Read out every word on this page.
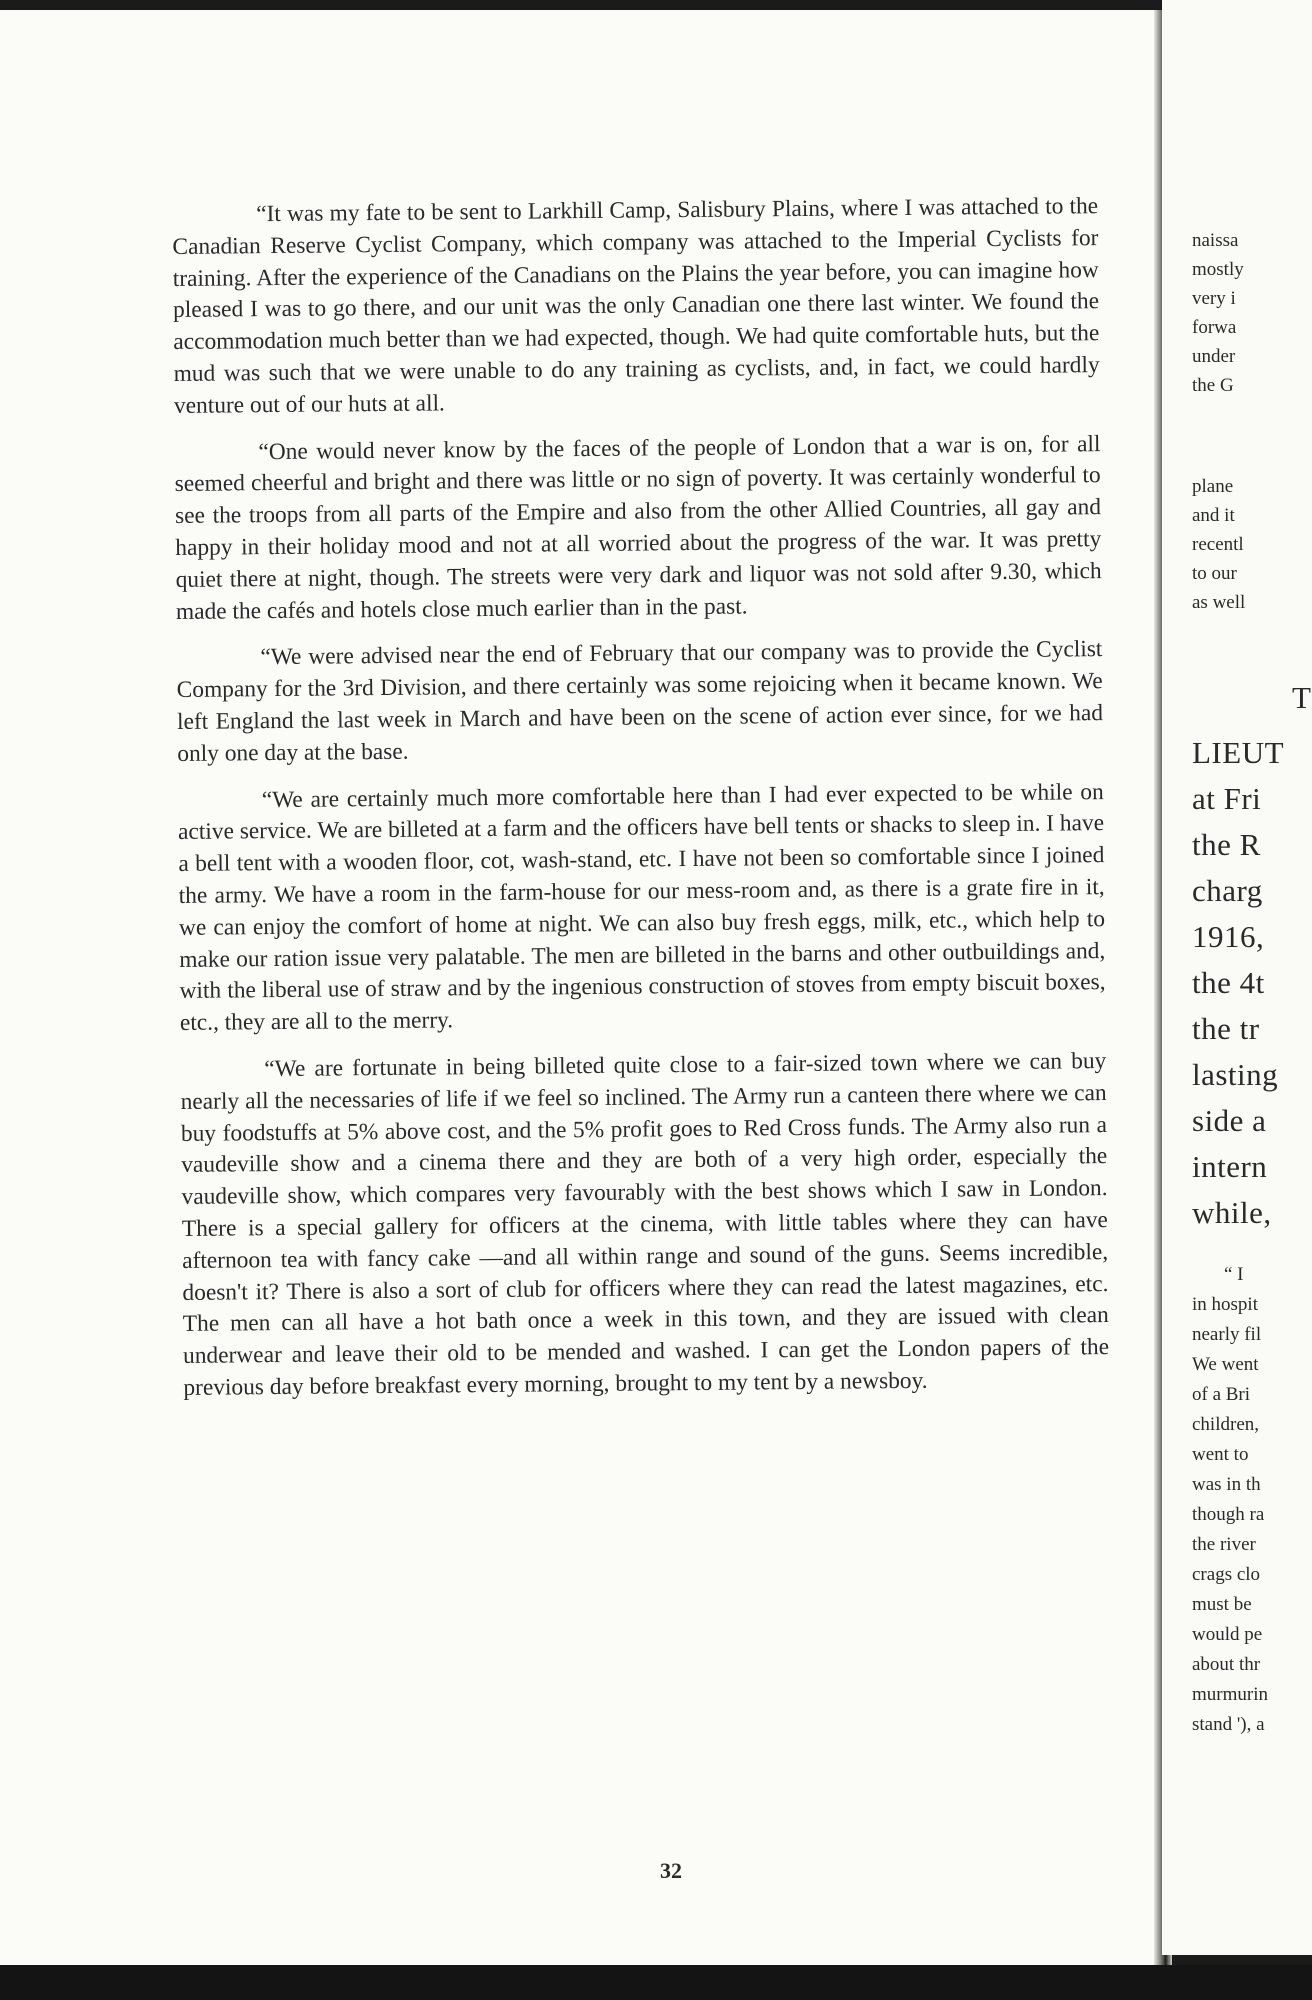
“It was my fate to be sent to Larkhill Camp, Salisbury Plains, where I was attached to the Canadian Reserve Cyclist Company, which company was attached to the Imperial Cyclists for training. After the experience of the Canadians on the Plains the year before, you can imagine how pleased I was to go there, and our unit was the only Canadian one there last winter. We found the accommodation much better than we had expected, though. We had quite comfortable huts, but the mud was such that we were unable to do any training as cyclists, and, in fact, we could hardly venture out of our huts at all.

“One would never know by the faces of the people of London that a war is on, for all seemed cheerful and bright and there was little or no sign of poverty. It was certainly wonderful to see the troops from all parts of the Empire and also from the other Allied Countries, all gay and happy in their holiday mood and not at all worried about the progress of the war. It was pretty quiet there at night, though. The streets were very dark and liquor was not sold after 9.30, which made the cafés and hotels close much earlier than in the past.

“We were advised near the end of February that our company was to provide the Cyclist Company for the 3rd Division, and there certainly was some rejoicing when it became known. We left England the last week in March and have been on the scene of action ever since, for we had only one day at the base.

“We are certainly much more comfortable here than I had ever expected to be while on active service. We are billeted at a farm and the officers have bell tents or shacks to sleep in. I have a bell tent with a wooden floor, cot, wash-stand, etc. I have not been so comfortable since I joined the army. We have a room in the farm-house for our mess-room and, as there is a grate fire in it, we can enjoy the comfort of home at night. We can also buy fresh eggs, milk, etc., which help to make our ration issue very palatable. The men are billeted in the barns and other outbuildings and, with the liberal use of straw and by the ingenious construction of stoves from empty biscuit boxes, etc., they are all to the merry.

“We are fortunate in being billeted quite close to a fair-sized town where we can buy nearly all the necessaries of life if we feel so inclined. The Army run a canteen there where we can buy foodstuffs at 5% above cost, and the 5% profit goes to Red Cross funds. The Army also run a vaudeville show and a cinema there and they are both of a very high order, especially the vaudeville show, which compares very favourably with the best shows which I saw in London. There is a special gallery for officers at the cinema, with little tables where they can have afternoon tea with fancy cake —and all within range and sound of the guns. Seems incredible, doesn't it? There is also a sort of club for officers where they can read the latest magazines, etc. The men can all have a hot bath once a week in this town, and they are issued with clean underwear and leave their old to be mended and washed. I can get the London papers of the previous day before breakfast every morning, brought to my tent by a newsboy.

32
naissa
mostly
very i
forwa
under
the G
plane
and it
recentl
to our
as well
T
LIEUT
at Fri
the R
charg
1916,
the 4t
the tr
lasting
side a
intern
while,
“ I
in hospit
nearly fil
We went
of a Bri
children,
went to
was in th
though ra
the river
crags clo
must be
would pe
about thr
murmurin
stand '), a
